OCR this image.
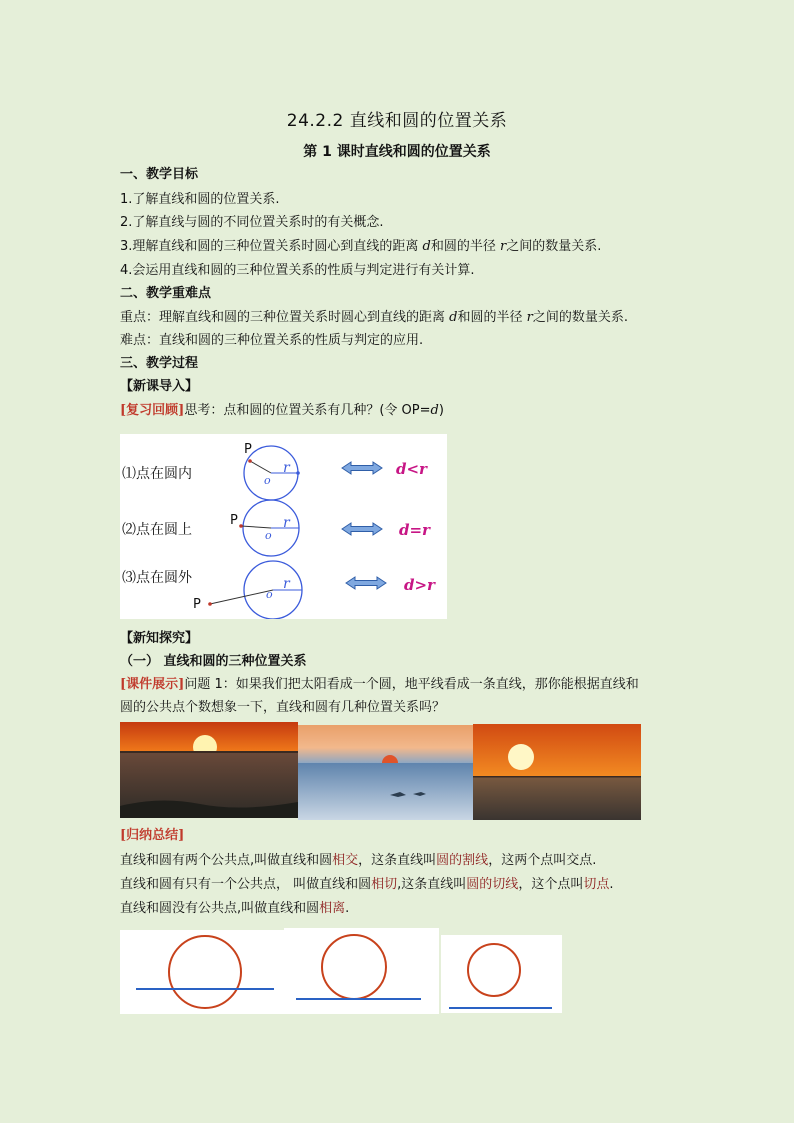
24.2.2 直线和圆的位置关系
第 1 课时直线和圆的位置关系
一、教学目标
1.了解直线和圆的位置关系.
2.了解直线与圆的不同位置关系时的有关概念.
3.理解直线和圆的三种位置关系时圆心到直线的距离 d和圆的半径 r之间的数量关系.
4.会运用直线和圆的三种位置关系的性质与判定进行有关计算.
二、教学重难点
重点：理解直线和圆的三种位置关系时圆心到直线的距离 d和圆的半径 r之间的数量关系.
难点：直线和圆的三种位置关系的性质与判定的应用.
三、教学过程
【新课导入】
[复习回顾]思考：点和圆的位置关系有几种？(令 OP=d)
⑴点在圆内
P
r
o
d<r
⑵点在圆上
P	r
o	d=r
⑶点在圆外
P
r
o
d>r
【新知探究】
（一） 直线和圆的三种位置关系
[课件展示]问题 1：如果我们把太阳看成一个圆，地平线看成一条直线，那你能根据直线和
圆的公共点个数想象一下，直线和圆有几种位置关系吗？
[归纳总结]
直线和圆有两个公共点,叫做直线和圆相交，这条直线叫圆的割线，这两个点叫交点.
直线和圆有只有一个公共点， 叫做直线和圆相切,这条直线叫圆的切线，这个点叫切点.
直线和圆没有公共点,叫做直线和圆相离.
